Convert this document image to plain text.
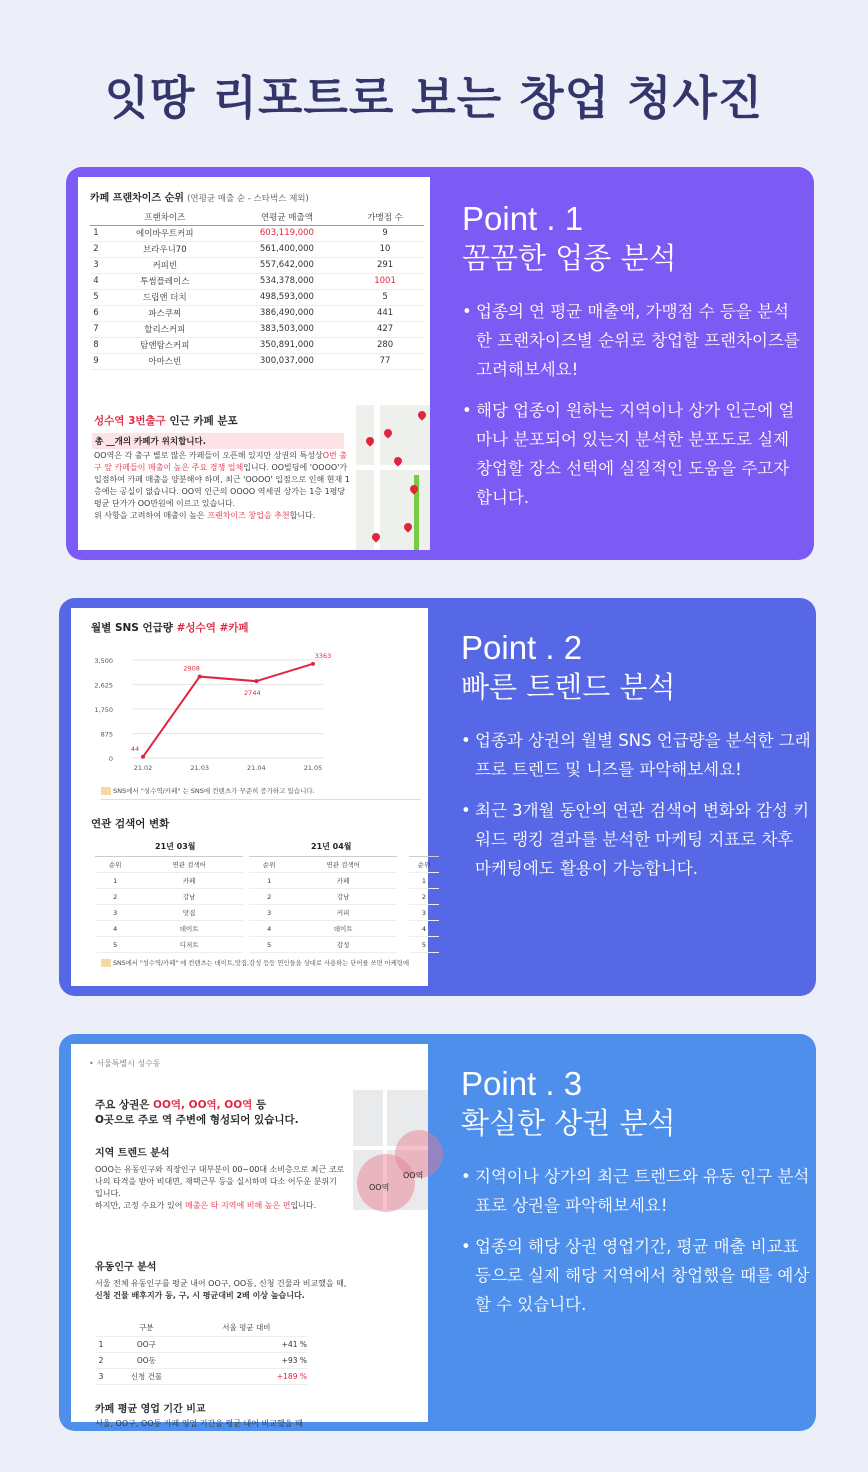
잇땅 리포트로 보는 창업 청사진
카페 프랜차이즈 순위 (연평균 매출 순 - 스타벅스 제외)
	프랜차이즈	연평균 매출액	가맹점 수
1	에이바우트커피	603,119,000	9
2	브라우니70	561,400,000	10
3	커피빈	557,642,000	291
4	투썸플레이스	534,378,000	1001
5	드립앤 더치	498,593,000	5
6	파스쿠찌	386,490,000	441
7	할리스커피	383,503,000	427
8	탐앤탐스커피	350,891,000	280
9	아마스빈	300,037,000	77
성수역 3번출구 인근 카페 분포
총 __개의 카페가 위치합니다.
OO역은 각 출구 별로 많은 카페들이 오픈해 있지만 상권의 특성상O번 출구 앞 카페들이 매출이 높은 주요 경쟁 업체입니다. OO빌딩에 'OOOO'가 입점하여 카페 매출을 양분해야 하며, 최근 'OOOO' 입점으로 인해 현재 1층에는 공실이 없습니다. OO역 인근의 OOOO 역세권 상가는 1층 1평당 평균 단가가 OO만원에 이르고 있습니다.
위 사항을 고려하여 매출이 높은 프랜차이즈 창업을 추천합니다.
Point . 1
꼼꼼한 업종 분석
• 업종의 연 평균 매출액, 가맹점 수 등을 분석한 프랜차이즈별 순위로 창업할 프랜차이즈를 고려해보세요!
• 해당 업종이 원하는 지역이나 상가 인근에 얼마나 분포되어 있는지 분석한 분포도로 실제 창업할 장소 선택에 실질적인 도움을 주고자 합니다.
월별 SNS 언급량 #성수역 #카페
3,500
2,625
1,750
875
0
44
21.02
2908
21.03
2744
21.04
3363
21.05
SNS에서 "성수역/카페" 는 SNS에 컨텐츠가 꾸준히 증가하고 있습니다.
연관 검색어 변화
21년 03월	21년 04월
순위	연관 검색어
1	카페
2	강남
3	맛집
4	데이트
5	디저트
순위	연관 검색어
1	카페
2	강남
3	커피
4	데이트
5	감성
순위
1
2
3
4
5
SNS에서 "성수역/카페" 에 컨텐츠는 데이트,맛집,감성 등등 연인들을 상대로 사용하는 단어를 쓰면 마케팅에
Point . 2
빠른 트렌드 분석
• 업종과 상권의 월별 SNS 언급량을 분석한 그래프로 트렌드 및 니즈를 파악해보세요!
• 최근 3개월 동안의 연관 검색어 변화와 감성 키워드 랭킹 결과를 분석한 마케팅 지표로 차후 마케팅에도 활용이 가능합니다.
• 서울특별시 성수동
주요 상권은 OO역, OO역, OO역 등
O곳으로 주로 역 주변에 형성되어 있습니다.
지역 트렌드 분석
OOO는 유동인구와 직장인구 대부분이 00~00대 소비층으로 최근 코로나의 타격을 받아 비대면, 재택근무 등을 실시하며 다소 어두운 분위기 입니다.
하지만, 고정 수요가 있어 매출은 타 지역에 비해 높은 편입니다.
OO역
OO역
유동인구 분석
서울 전체 유동인구를 평균 내어 OO구, OO동, 신청 건물과 비교했을 때,
신청 건물 배후지가 동, 구, 시 평균대비 2배 이상 높습니다.
	구분	서울 평균 대비
1	OO구	+41 %
2	OO동	+93 %
3	신청 건물	+189 %
카페 평균 영업 기간 비교
서울, OO구, OO동 카페 영업 기간을 평균 내어 비교했을 때
Point . 3
확실한 상권 분석
• 지역이나 상가의 최근 트렌드와 유동 인구 분석표로 상권을 파악해보세요!
• 업종의 해당 상권 영업기간, 평균 매출 비교표 등으로 실제 해당 지역에서 창업했을 때를 예상할 수 있습니다.
